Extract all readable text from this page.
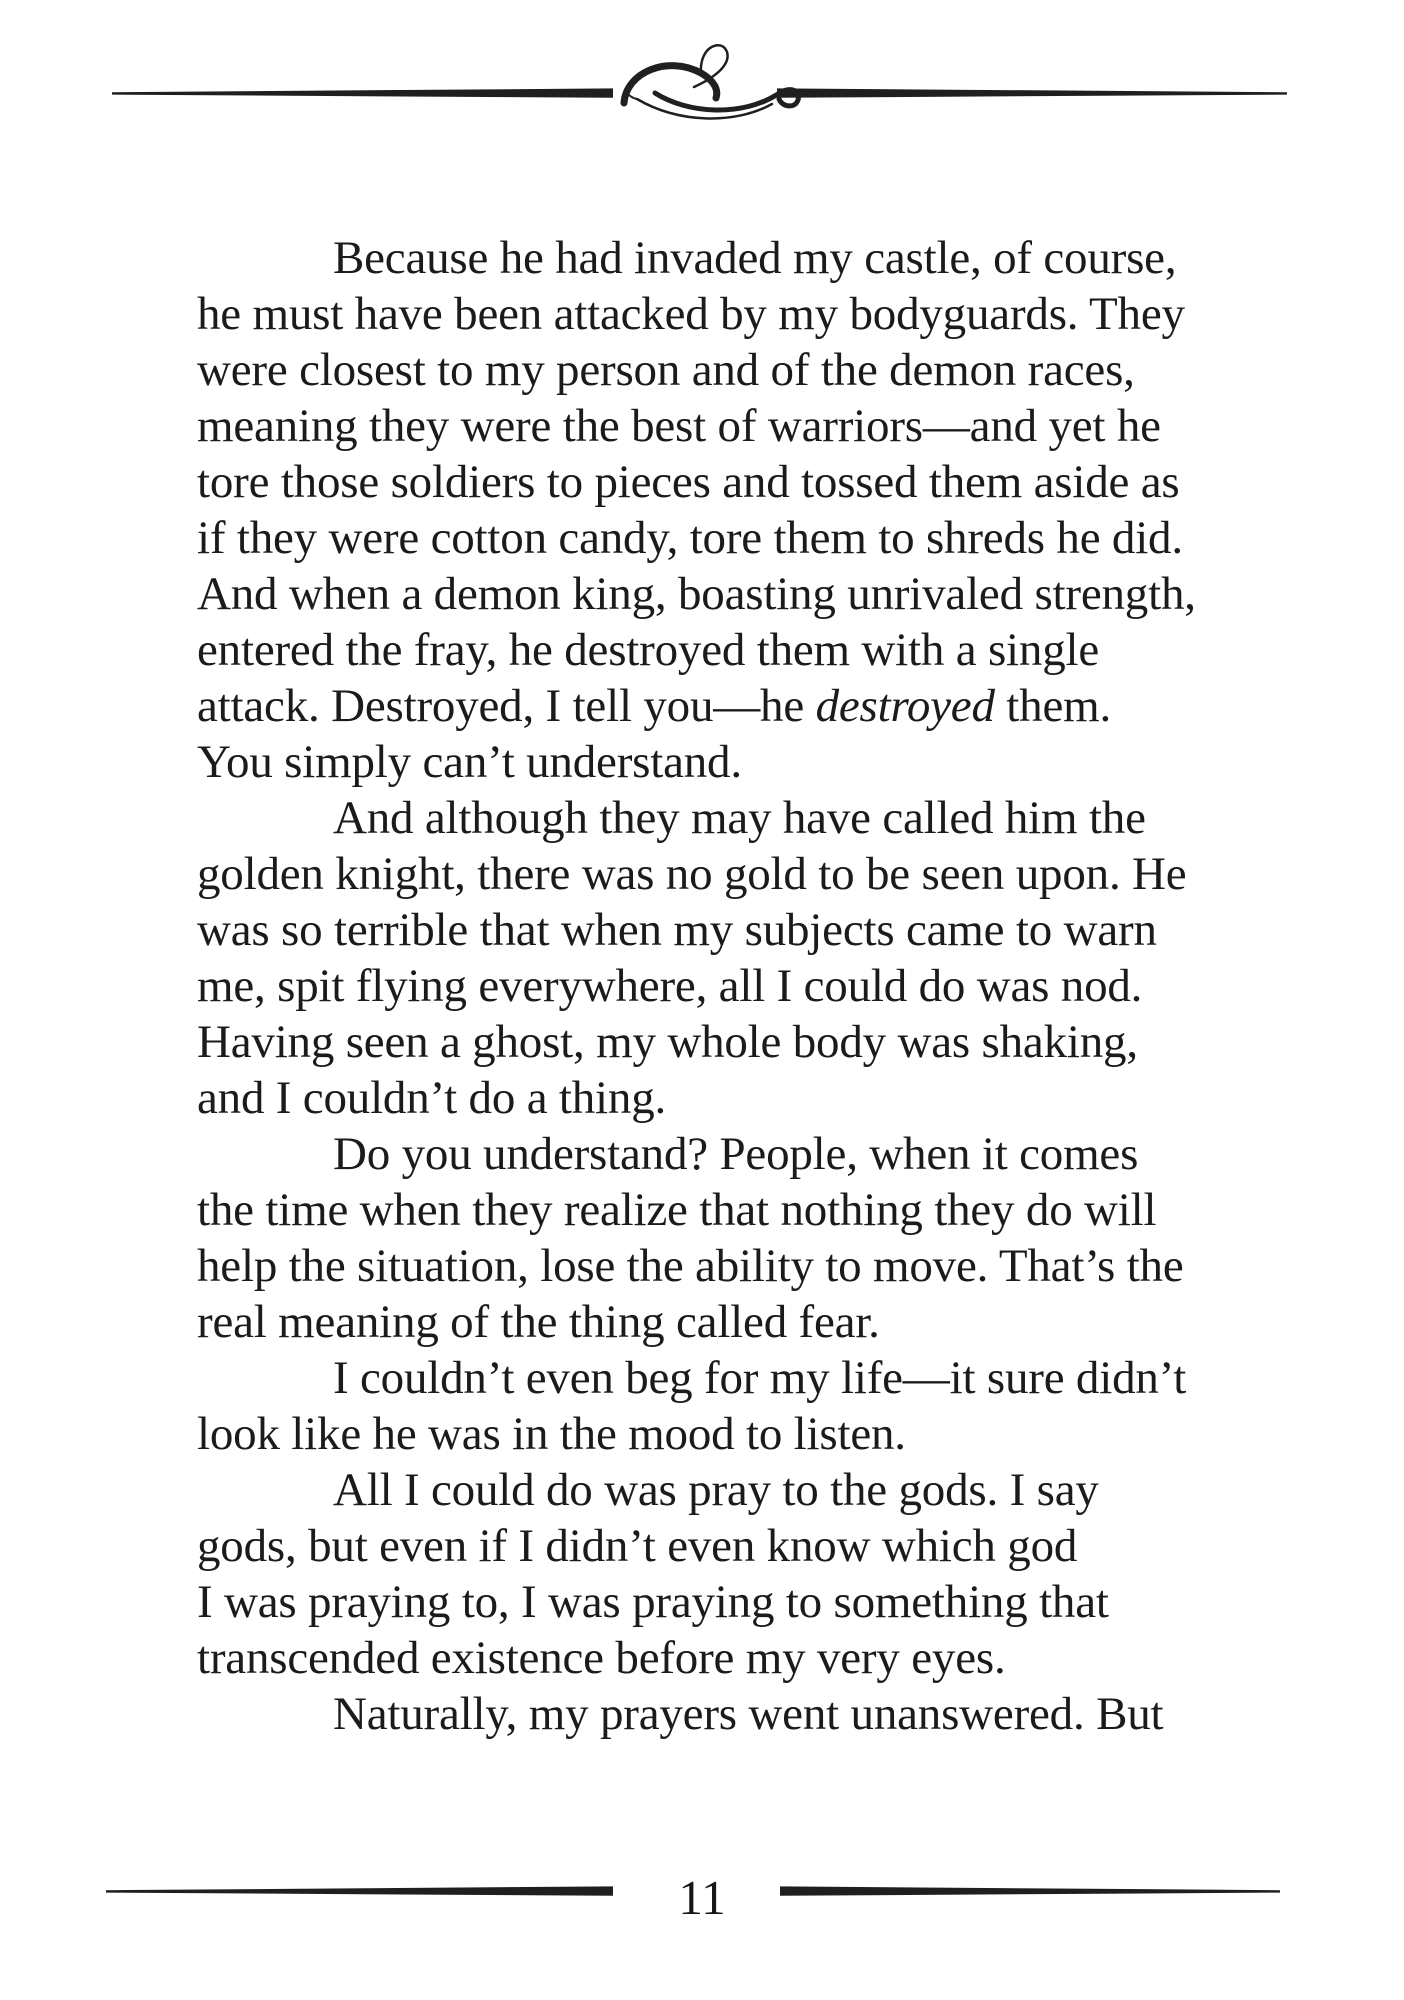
Because he had invaded my castle, of course,
he must have been attacked by my bodyguards. They
were closest to my person and of the demon races,
meaning they were the best of warriors—and yet he
tore those soldiers to pieces and tossed them aside as
if they were cotton candy, tore them to shreds he did.
And when a demon king, boasting unrivaled strength,
entered the fray, he destroyed them with a single
attack. Destroyed, I tell you—he destroyed them.
You simply can’t understand.
And although they may have called him the
golden knight, there was no gold to be seen upon. He
was so terrible that when my subjects came to warn
me, spit flying everywhere, all I could do was nod.
Having seen a ghost, my whole body was shaking,
and I couldn’t do a thing.
Do you understand? People, when it comes
the time when they realize that nothing they do will
help the situation, lose the ability to move. That’s the
real meaning of the thing called fear.
I couldn’t even beg for my life—it sure didn’t
look like he was in the mood to listen.
All I could do was pray to the gods. I say
gods, but even if I didn’t even know which god
I was praying to, I was praying to something that
transcended existence before my very eyes.
Naturally, my prayers went unanswered. But
11
